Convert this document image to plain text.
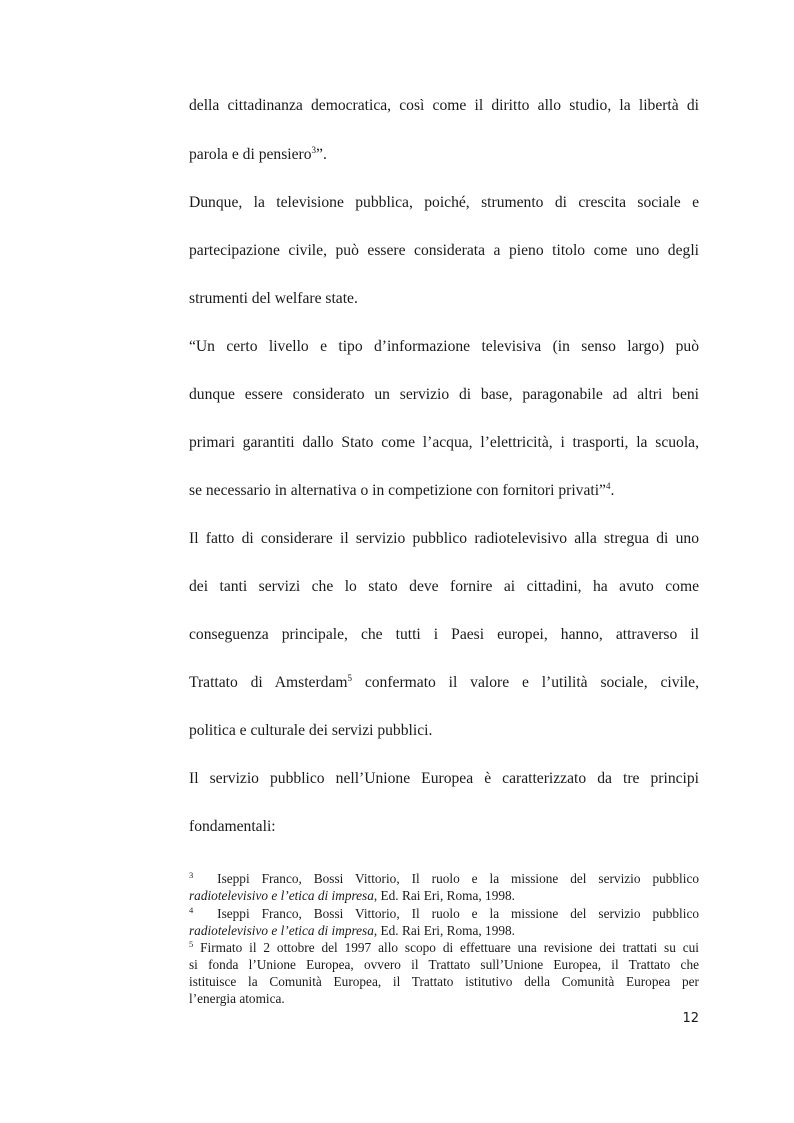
della cittadinanza democratica, così come il diritto allo studio, la libertà di
parola e di pensiero$^3$”.
Dunque, la televisione pubblica, poiché, strumento di crescita sociale e
partecipazione civile, può essere considerata a pieno titolo come uno degli
strumenti del welfare state.
“Un certo livello e tipo d’informazione televisiva (in senso largo) può
dunque essere considerato un servizio di base, paragonabile ad altri beni
primari garantiti dallo Stato come l’acqua, l’elettricità, i trasporti, la scuola,
se necessario in alternativa o in competizione con fornitori privati”$^4$.
Il fatto di considerare il servizio pubblico radiotelevisivo alla stregua di uno
dei tanti servizi che lo stato deve fornire ai cittadini, ha avuto come
conseguenza principale, che tutti i Paesi europei, hanno, attraverso il
Trattato di Amsterdam$^5$ confermato il valore e l’utilità sociale, civile,
politica e culturale dei servizi pubblici.
Il servizio pubblico nell’Unione Europea è caratterizzato da tre principi
fondamentali:
$^3$ Iseppi Franco, Bossi Vittorio, Il ruolo e la missione del servizio pubblico
radiotelevisivo e l’etica di impresa, Ed. Rai Eri, Roma, 1998.
$^4$ Iseppi Franco, Bossi Vittorio, Il ruolo e la missione del servizio pubblico
radiotelevisivo e l’etica di impresa, Ed. Rai Eri, Roma, 1998.
$^5$ Firmato il 2 ottobre del 1997 allo scopo di effettuare una revisione dei trattati su cui
si fonda l’Unione Europea, ovvero il Trattato sull’Unione Europea, il Trattato che
istituisce la Comunità Europea, il Trattato istitutivo della Comunità Europea per
l’energia atomica.
12
